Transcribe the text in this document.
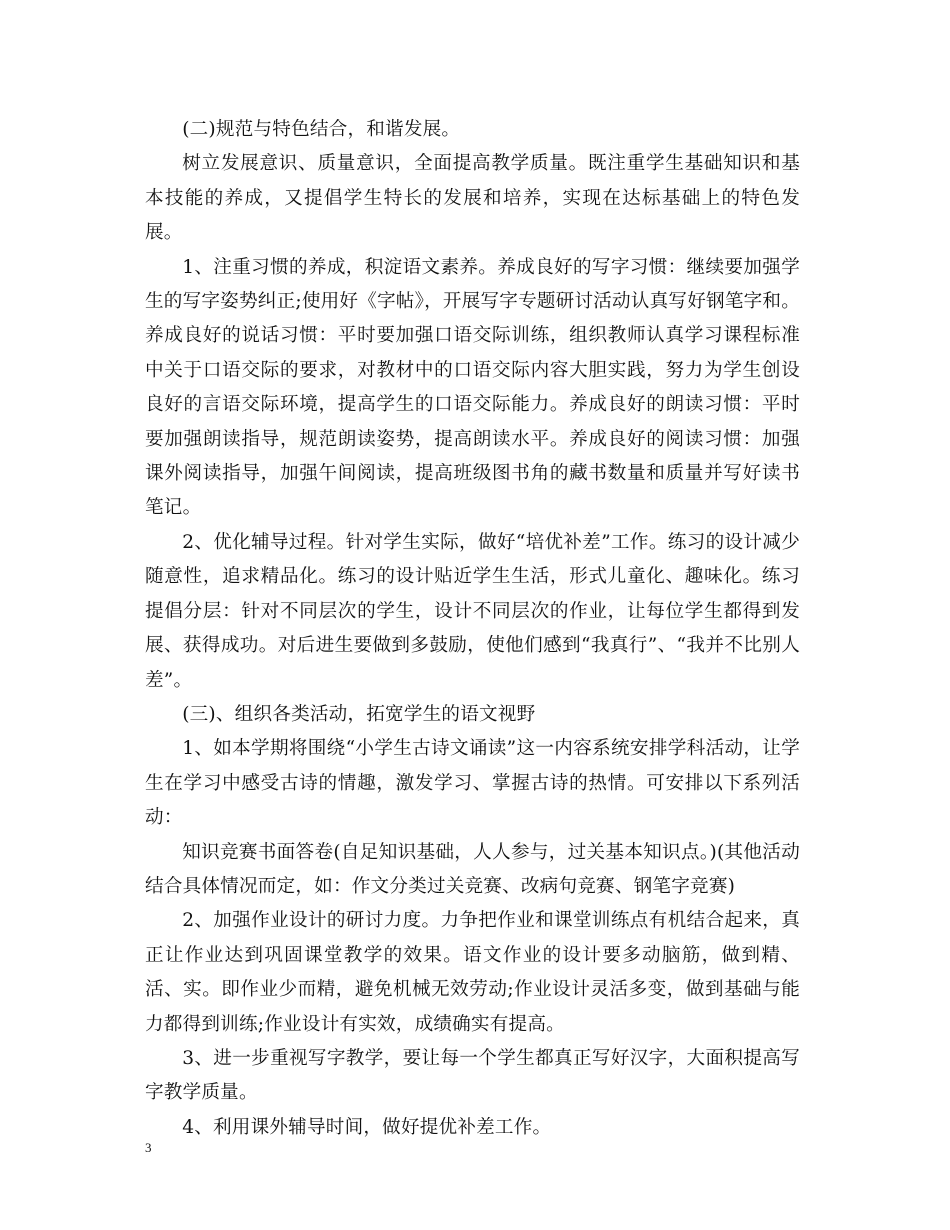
(二)规范与特色结合，和谐发展。

树立发展意识、质量意识，全面提高教学质量。既注重学生基础知识和基本技能的养成，又提倡学生特长的发展和培养，实现在达标基础上的特色发展。

1、注重习惯的养成，积淀语文素养。养成良好的写字习惯：继续要加强学生的写字姿势纠正;使用好《字帖》，开展写字专题研讨活动认真写好钢笔字和。养成良好的说话习惯：平时要加强口语交际训练，组织教师认真学习课程标准中关于口语交际的要求，对教材中的口语交际内容大胆实践，努力为学生创设良好的言语交际环境，提高学生的口语交际能力。养成良好的朗读习惯：平时要加强朗读指导，规范朗读姿势，提高朗读水平。养成良好的阅读习惯：加强课外阅读指导，加强午间阅读，提高班级图书角的藏书数量和质量并写好读书笔记。

2、优化辅导过程。针对学生实际，做好“培优补差”工作。练习的设计减少随意性，追求精品化。练习的设计贴近学生生活，形式儿童化、趣味化。练习提倡分层：针对不同层次的学生，设计不同层次的作业，让每位学生都得到发展、获得成功。对后进生要做到多鼓励，使他们感到“我真行”、“我并不比别人差”。

(三)、组织各类活动，拓宽学生的语文视野

1、如本学期将围绕“小学生古诗文诵读”这一内容系统安排学科活动，让学生在学习中感受古诗的情趣，激发学习、掌握古诗的热情。可安排以下系列活动：

知识竞赛书面答卷(自足知识基础，人人参与，过关基本知识点。)(其他活动结合具体情况而定，如：作文分类过关竞赛、改病句竞赛、钢笔字竞赛)

2、加强作业设计的研讨力度。力争把作业和课堂训练点有机结合起来，真正让作业达到巩固课堂教学的效果。语文作业的设计要多动脑筋，做到精、活、实。即作业少而精，避免机械无效劳动;作业设计灵活多变，做到基础与能力都得到训练;作业设计有实效，成绩确实有提高。

3、进一步重视写字教学，要让每一个学生都真正写好汉字，大面积提高写字教学质量。

4、利用课外辅导时间，做好提优补差工作。

3
